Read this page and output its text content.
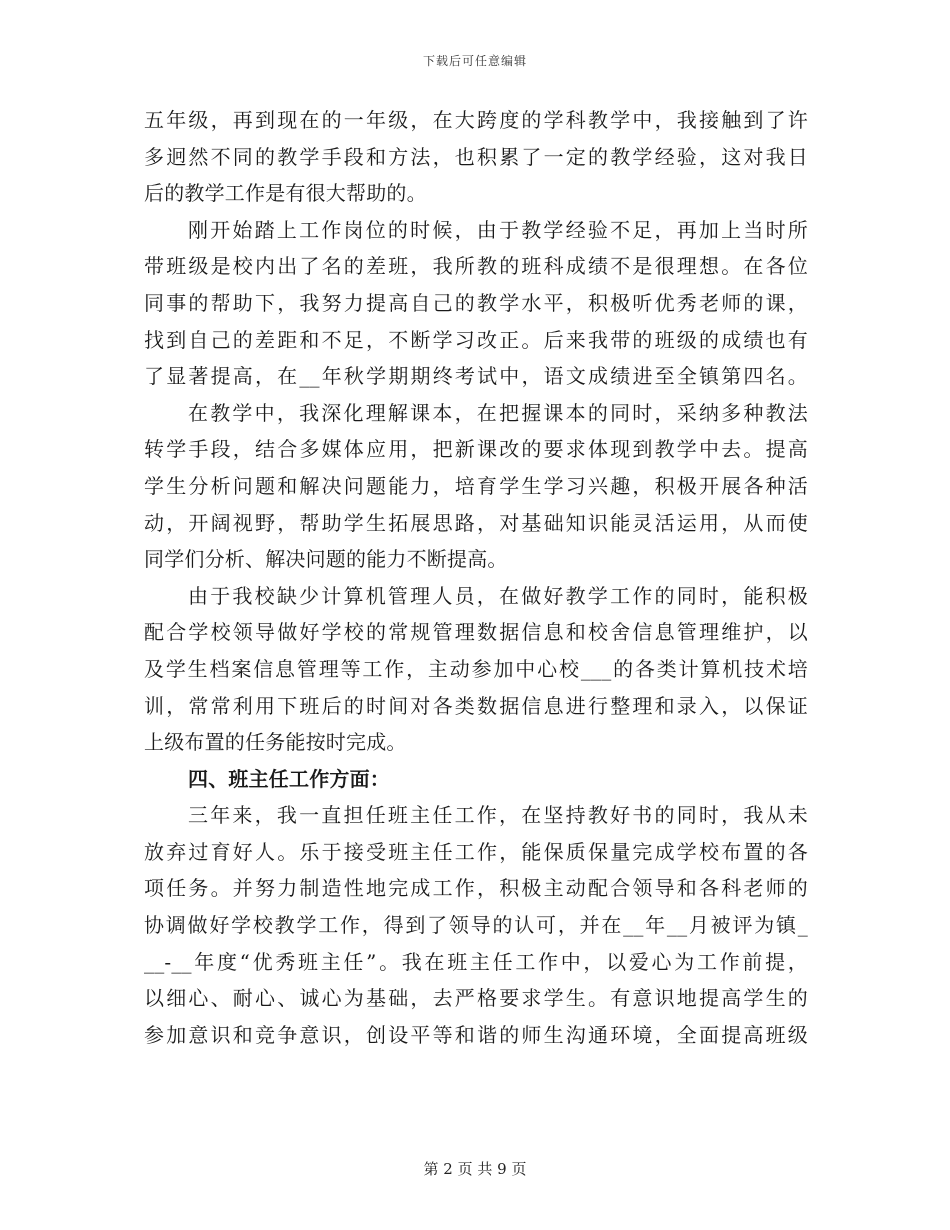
下载后可任意编辑
五年级，再到现在的一年级，在大跨度的学科教学中，我接触到了许
多迥然不同的教学手段和方法，也积累了一定的教学经验，这对我日
后的教学工作是有很大帮助的。
刚开始踏上工作岗位的时候，由于教学经验不足，再加上当时所
带班级是校内出了名的差班，我所教的班科成绩不是很理想。在各位
同事的帮助下，我努力提高自己的教学水平，积极听优秀老师的课，
找到自己的差距和不足，不断学习改正。后来我带的班级的成绩也有
了显著提高，在__年秋学期期终考试中，语文成绩进至全镇第四名。
在教学中，我深化理解课本，在把握课本的同时，采纳多种教法
转学手段，结合多媒体应用，把新课改的要求体现到教学中去。提高
学生分析问题和解决问题能力，培育学生学习兴趣，积极开展各种活
动，开阔视野，帮助学生拓展思路，对基础知识能灵活运用，从而使
同学们分析、解决问题的能力不断提高。
由于我校缺少计算机管理人员，在做好教学工作的同时，能积极
配合学校领导做好学校的常规管理数据信息和校舍信息管理维护，以
及学生档案信息管理等工作，主动参加中心校___的各类计算机技术培
训，常常利用下班后的时间对各类数据信息进行整理和录入，以保证
上级布置的任务能按时完成。
四、班主任工作方面：
三年来，我一直担任班主任工作，在坚持教好书的同时，我从未
放弃过育好人。乐于接受班主任工作，能保质保量完成学校布置的各
项任务。并努力制造性地完成工作，积极主动配合领导和各科老师的
协调做好学校教学工作，得到了领导的认可，并在__年__月被评为镇_
__-__年度“优秀班主任”。我在班主任工作中，以爱心为工作前提，
以细心、耐心、诚心为基础，去严格要求学生。有意识地提高学生的
参加意识和竞争意识，创设平等和谐的师生沟通环境，全面提高班级
第 2 页 共 9 页
